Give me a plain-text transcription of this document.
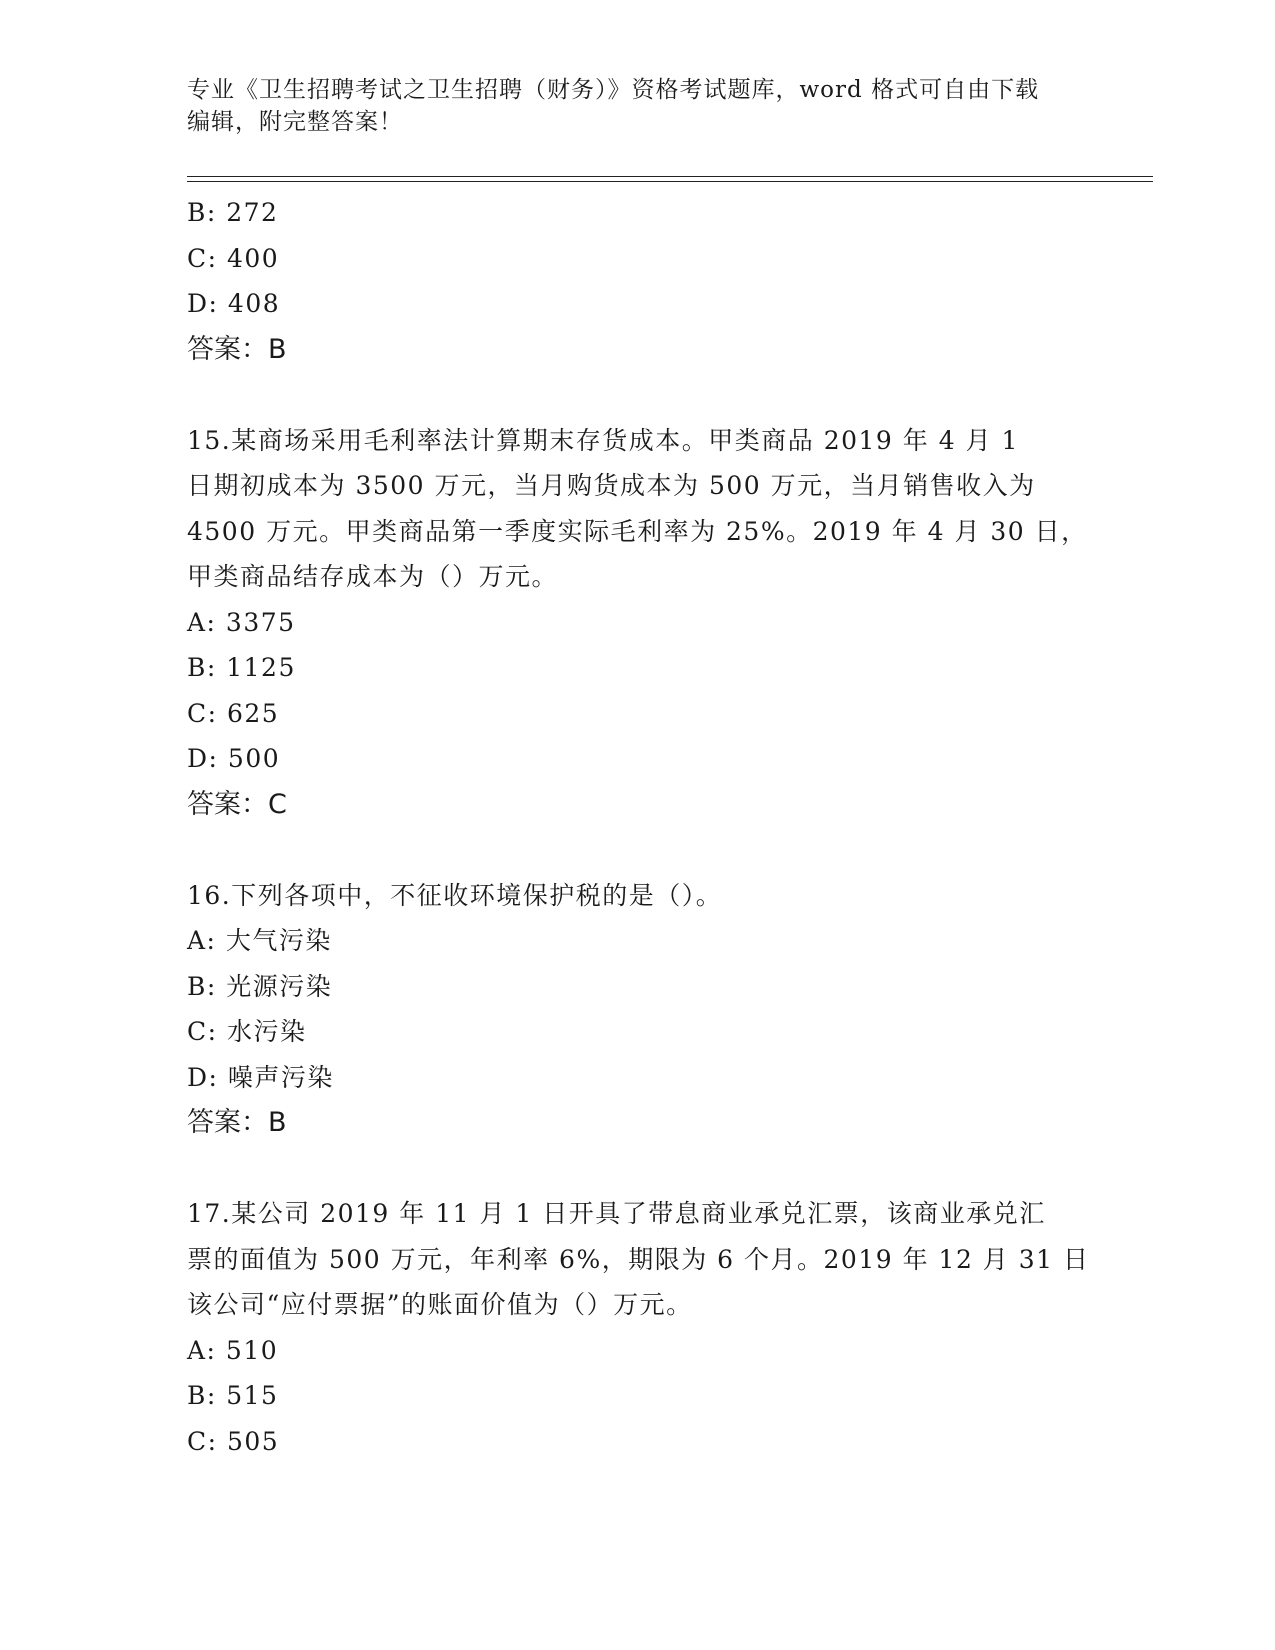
专业《卫生招聘考试之卫生招聘（财务）》资格考试题库，word 格式可自由下载
编辑，附完整答案！
B: 272
C: 400
D: 408
答案：B
15.某商场采用毛利率法计算期末存货成本。甲类商品 2019 年 4 月 1
日期初成本为 3500 万元，当月购货成本为 500 万元，当月销售收入为
4500 万元。甲类商品第一季度实际毛利率为 25%。2019 年 4 月 30 日，
甲类商品结存成本为（）万元。
A: 3375
B: 1125
C: 625
D: 500
答案：C
16.下列各项中，不征收环境保护税的是（）。
A: 大气污染
B: 光源污染
C: 水污染
D: 噪声污染
答案：B
17.某公司 2019 年 11 月 1 日开具了带息商业承兑汇票，该商业承兑汇
票的面值为 500 万元，年利率 6%，期限为 6 个月。2019 年 12 月 31 日
该公司“应付票据”的账面价值为（）万元。
A: 510
B: 515
C: 505
